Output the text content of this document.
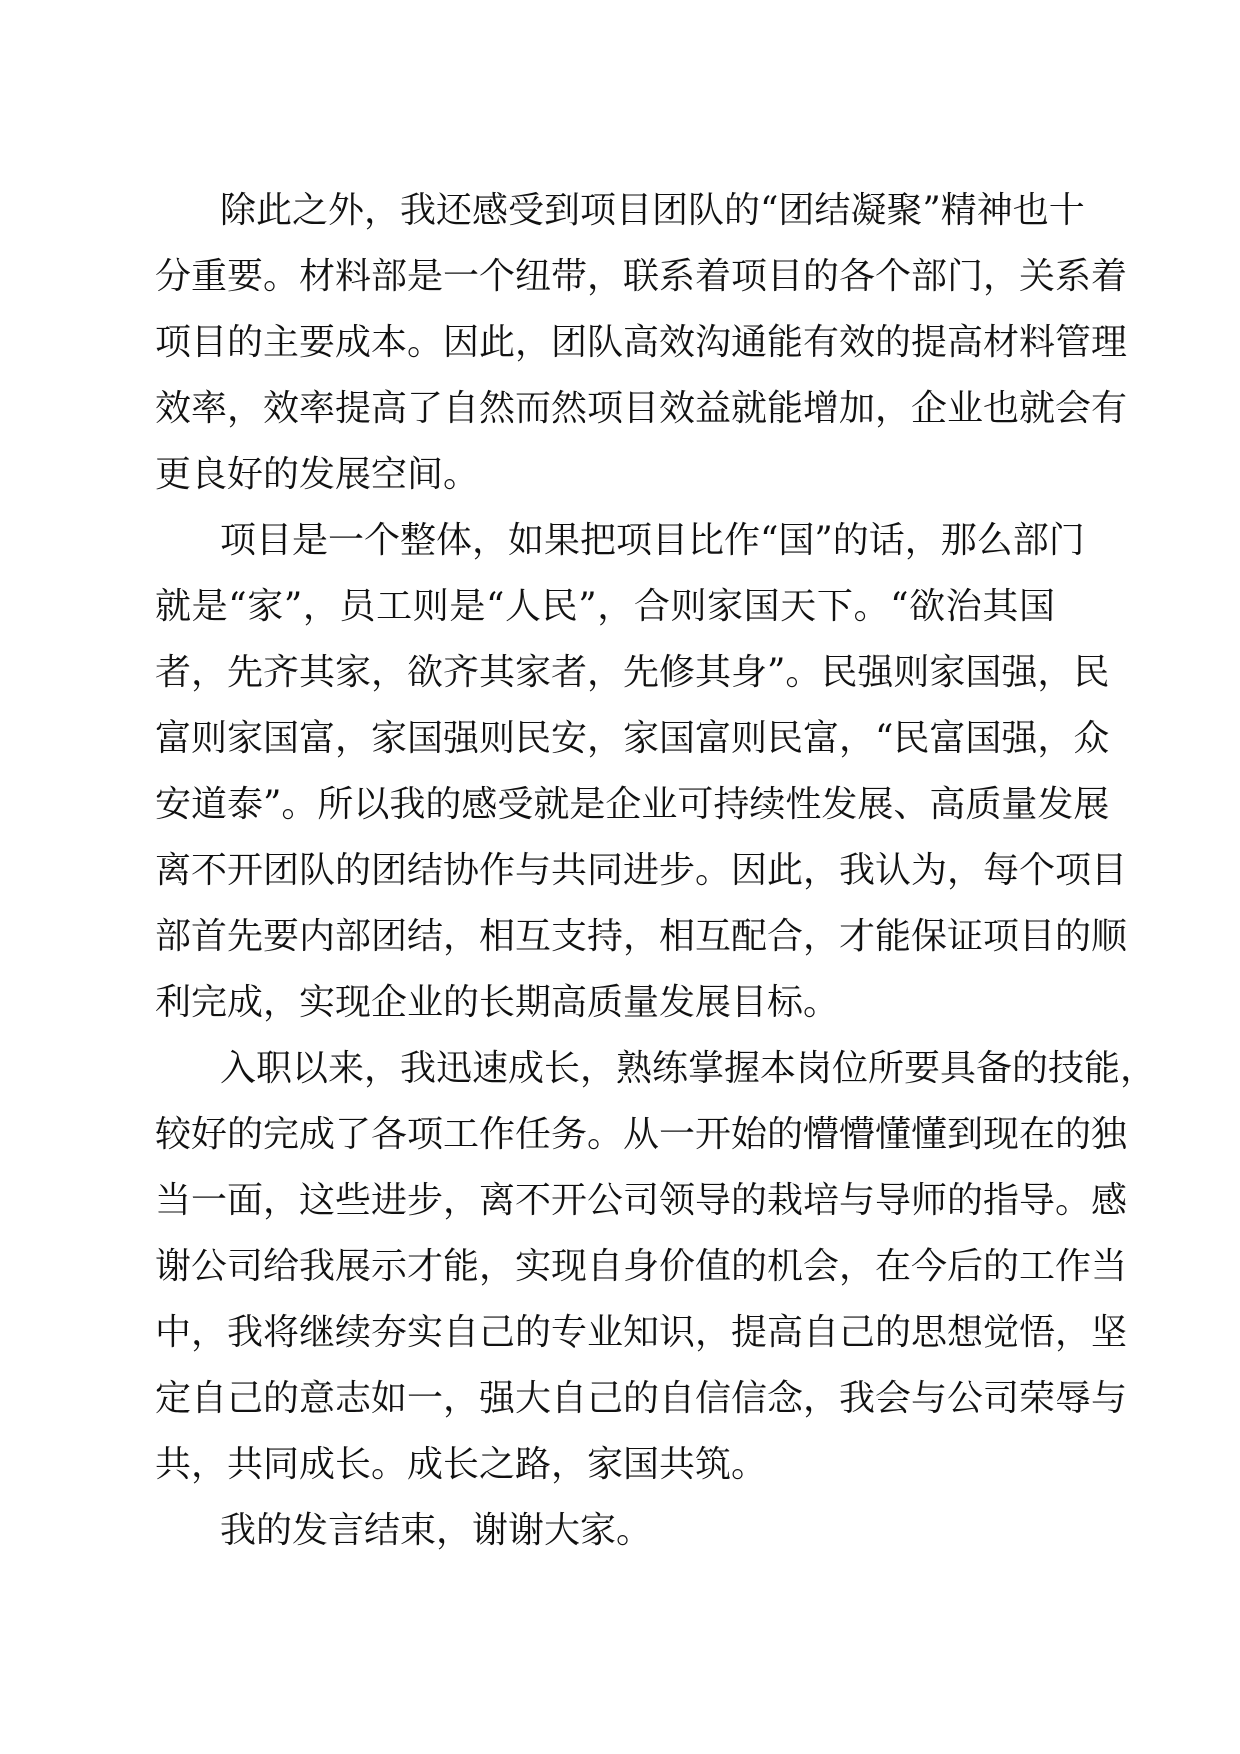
除此之外，我还感受到项目团队的“团结凝聚”精神也十
分重要。材料部是一个纽带，联系着项目的各个部门，关系着
项目的主要成本。因此，团队高效沟通能有效的提高材料管理
效率，效率提高了自然而然项目效益就能增加，企业也就会有
更良好的发展空间。

项目是一个整体，如果把项目比作“国”的话，那么部门
就是“家”，员工则是“人民”，合则家国天下。“欲治其国
者，先齐其家，欲齐其家者，先修其身”。民强则家国强，民
富则家国富，家国强则民安，家国富则民富，“民富国强，众
安道泰”。所以我的感受就是企业可持续性发展、高质量发展
离不开团队的团结协作与共同进步。因此，我认为，每个项目
部首先要内部团结，相互支持，相互配合，才能保证项目的顺
利完成，实现企业的长期高质量发展目标。

入职以来，我迅速成长，熟练掌握本岗位所要具备的技能，
较好的完成了各项工作任务。从一开始的懵懵懂懂到现在的独
当一面，这些进步，离不开公司领导的栽培与导师的指导。感
谢公司给我展示才能，实现自身价值的机会，在今后的工作当
中，我将继续夯实自己的专业知识，提高自己的思想觉悟，坚
定自己的意志如一，强大自己的自信信念，我会与公司荣辱与
共，共同成长。成长之路，家国共筑。

我的发言结束，谢谢大家。
